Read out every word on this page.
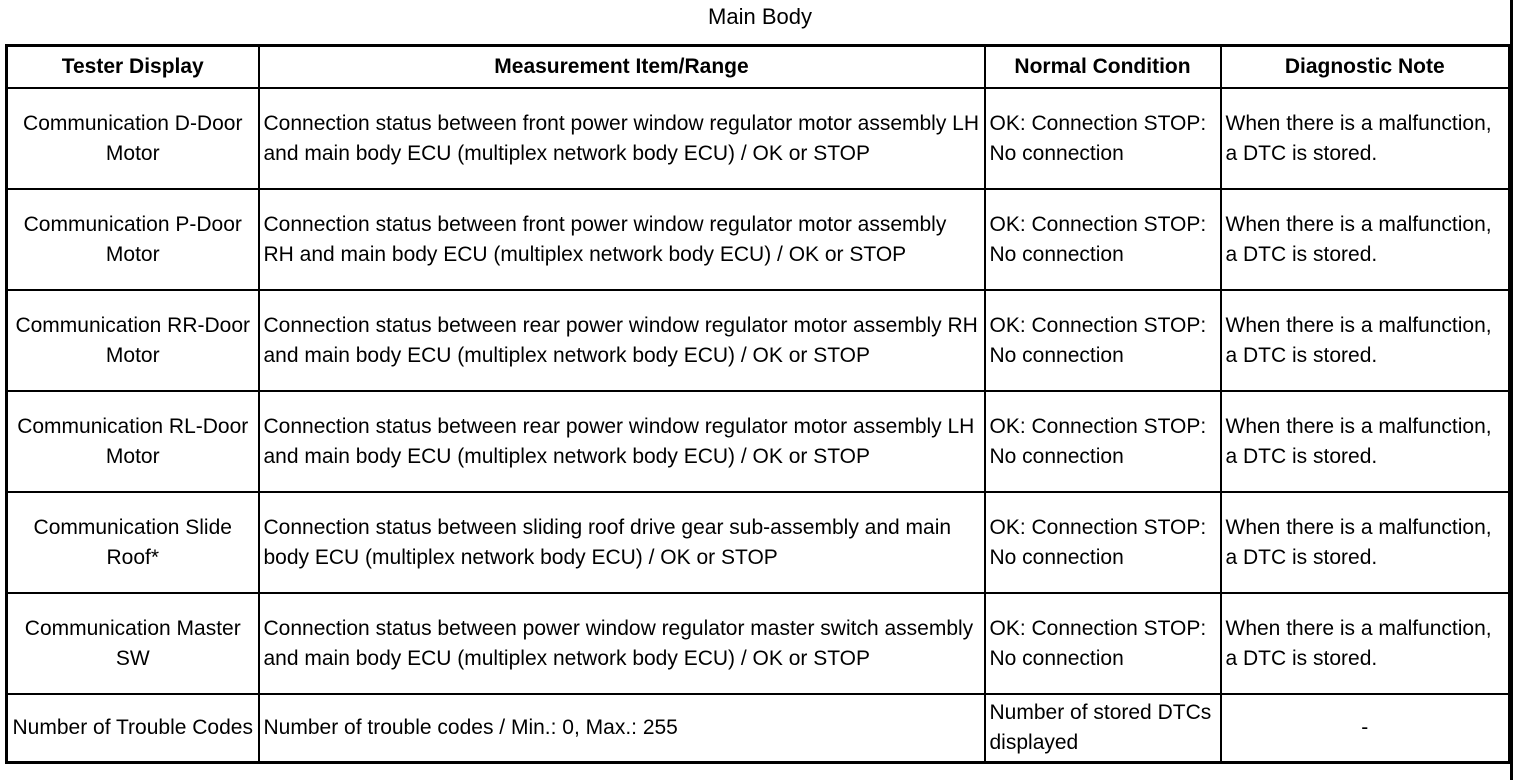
Main Body
Tester Display	Measurement Item/Range	Normal Condition	Diagnostic Note
Communication D-Door Motor	Connection status between front power window regulator motor assembly LH and main body ECU (multiplex network body ECU) / OK or STOP	OK: Connection STOP: No connection	When there is a malfunction, a DTC is stored.
Communication P-Door Motor	Connection status between front power window regulator motor assembly RH and main body ECU (multiplex network body ECU) / OK or STOP	OK: Connection STOP: No connection	When there is a malfunction, a DTC is stored.
Communication RR-Door Motor	Connection status between rear power window regulator motor assembly RH and main body ECU (multiplex network body ECU) / OK or STOP	OK: Connection STOP: No connection	When there is a malfunction, a DTC is stored.
Communication RL-Door Motor	Connection status between rear power window regulator motor assembly LH and main body ECU (multiplex network body ECU) / OK or STOP	OK: Connection STOP: No connection	When there is a malfunction, a DTC is stored.
Communication Slide Roof*	Connection status between sliding roof drive gear sub-assembly and main body ECU (multiplex network body ECU) / OK or STOP	OK: Connection STOP: No connection	When there is a malfunction, a DTC is stored.
Communication Master SW	Connection status between power window regulator master switch assembly and main body ECU (multiplex network body ECU) / OK or STOP	OK: Connection STOP: No connection	When there is a malfunction, a DTC is stored.
Number of Trouble Codes	Number of trouble codes / Min.: 0, Max.: 255	Number of stored DTCs displayed	-
